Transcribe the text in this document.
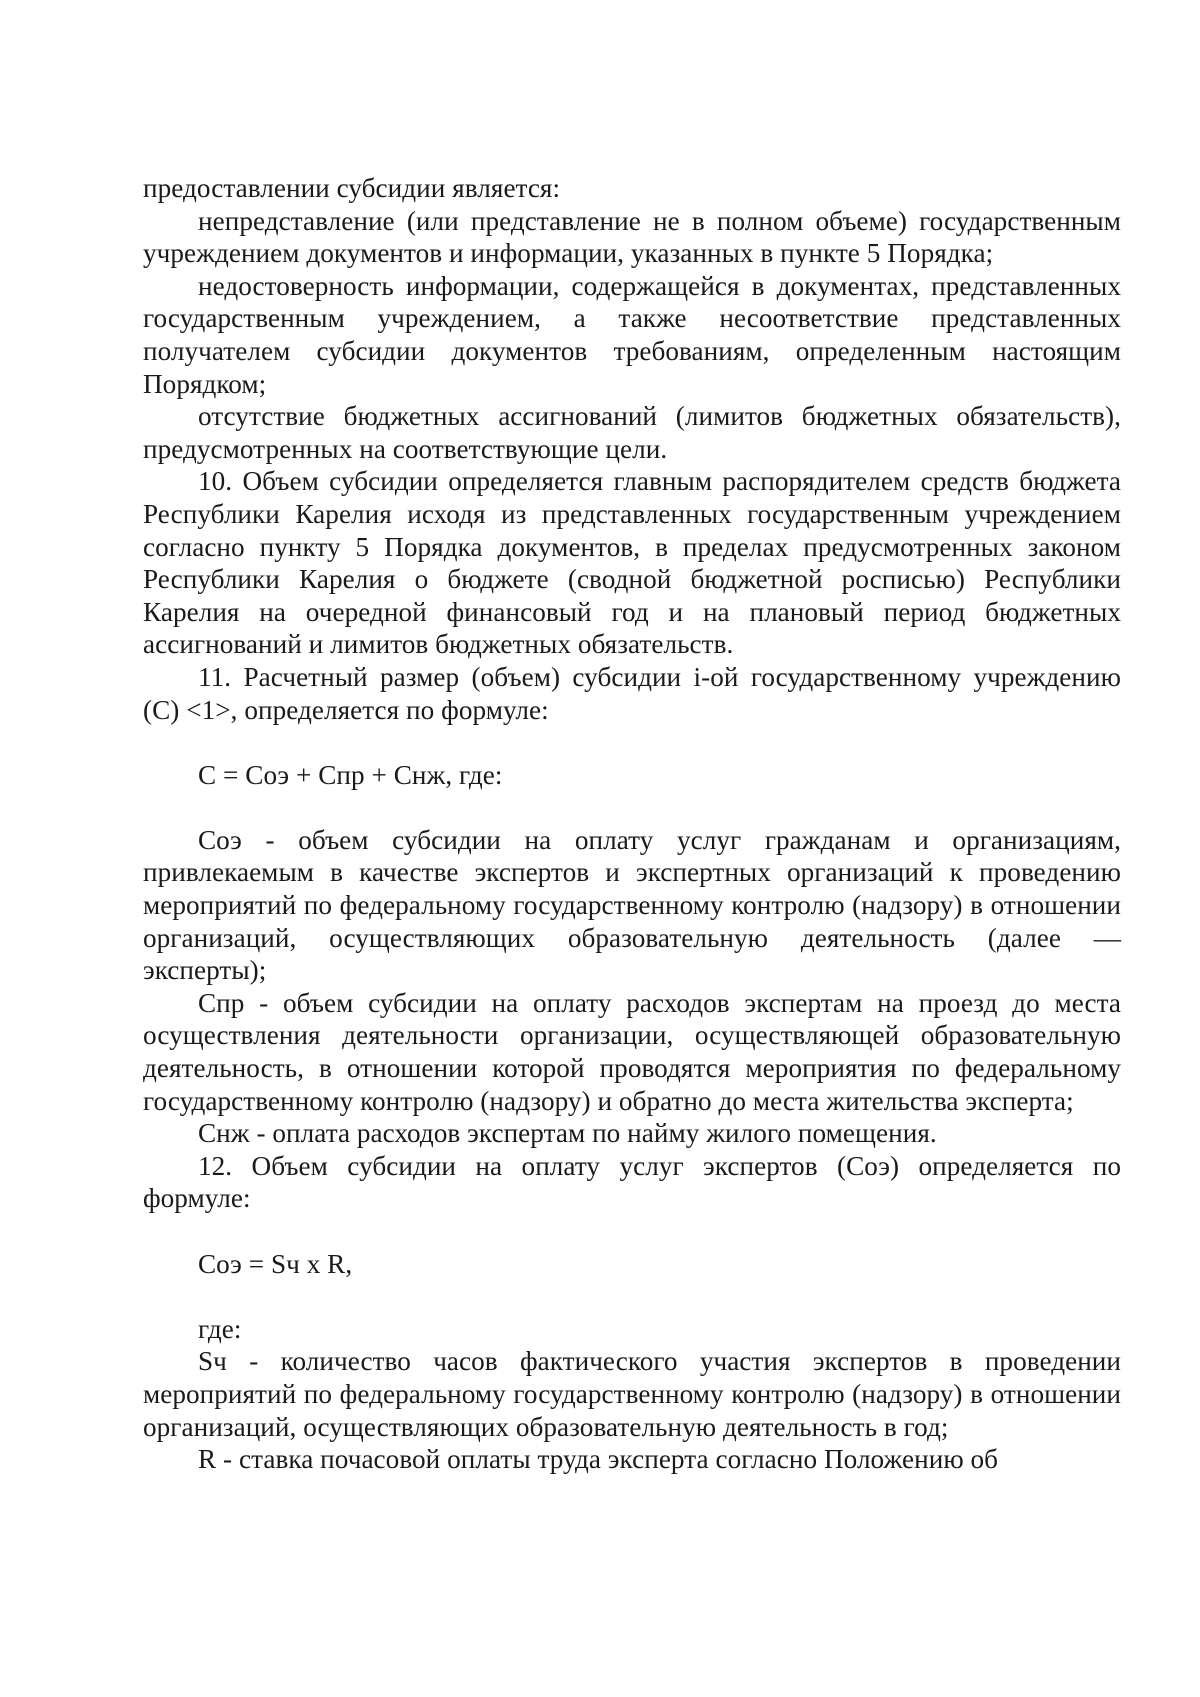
предоставлении субсидии является:

непредставление (или представление не в полном объеме) государственным учреждением документов и информации, указанных в пункте 5 Порядка;

недостоверность информации, содержащейся в документах, представленных государственным учреждением, а также несоответствие представленных получателем субсидии документов требованиям, определенным настоящим Порядком;

отсутствие бюджетных ассигнований (лимитов бюджетных обязательств), предусмотренных на соответствующие цели.

10. Объем субсидии определяется главным распорядителем средств бюджета Республики Карелия исходя из представленных государственным учреждением согласно пункту 5 Порядка документов, в пределах предусмотренных законом Республики Карелия о бюджете (сводной бюджетной росписью) Республики Карелия на очередной финансовый год и на плановый период бюджетных ассигнований и лимитов бюджетных обязательств.

11. Расчетный размер (объем) субсидии i-ой государственному учреждению (С) <1>, определяется по формуле:

С = Соэ + Спр + Снж, где:

Соэ - объем субсидии на оплату услуг гражданам и организациям, привлекаемым в качестве экспертов и экспертных организаций к проведению мероприятий по федеральному государственному контролю (надзору) в отношении организаций, осуществляющих образовательную деятельность (далее — эксперты);

Спр - объем субсидии на оплату расходов экспертам на проезд до места осуществления деятельности организации, осуществляющей образовательную деятельность, в отношении которой проводятся мероприятия по федеральному государственному контролю (надзору) и обратно до места жительства эксперта;

Снж - оплата расходов экспертам по найму жилого помещения.

12. Объем субсидии на оплату услуг экспертов (Соэ) определяется по формуле:

Соэ = Sч x R,

где:

Sч - количество часов фактического участия экспертов в проведении мероприятий по федеральному государственному контролю (надзору) в отношении организаций, осуществляющих образовательную деятельность в год;

R - ставка почасовой оплаты труда эксперта согласно Положению об
